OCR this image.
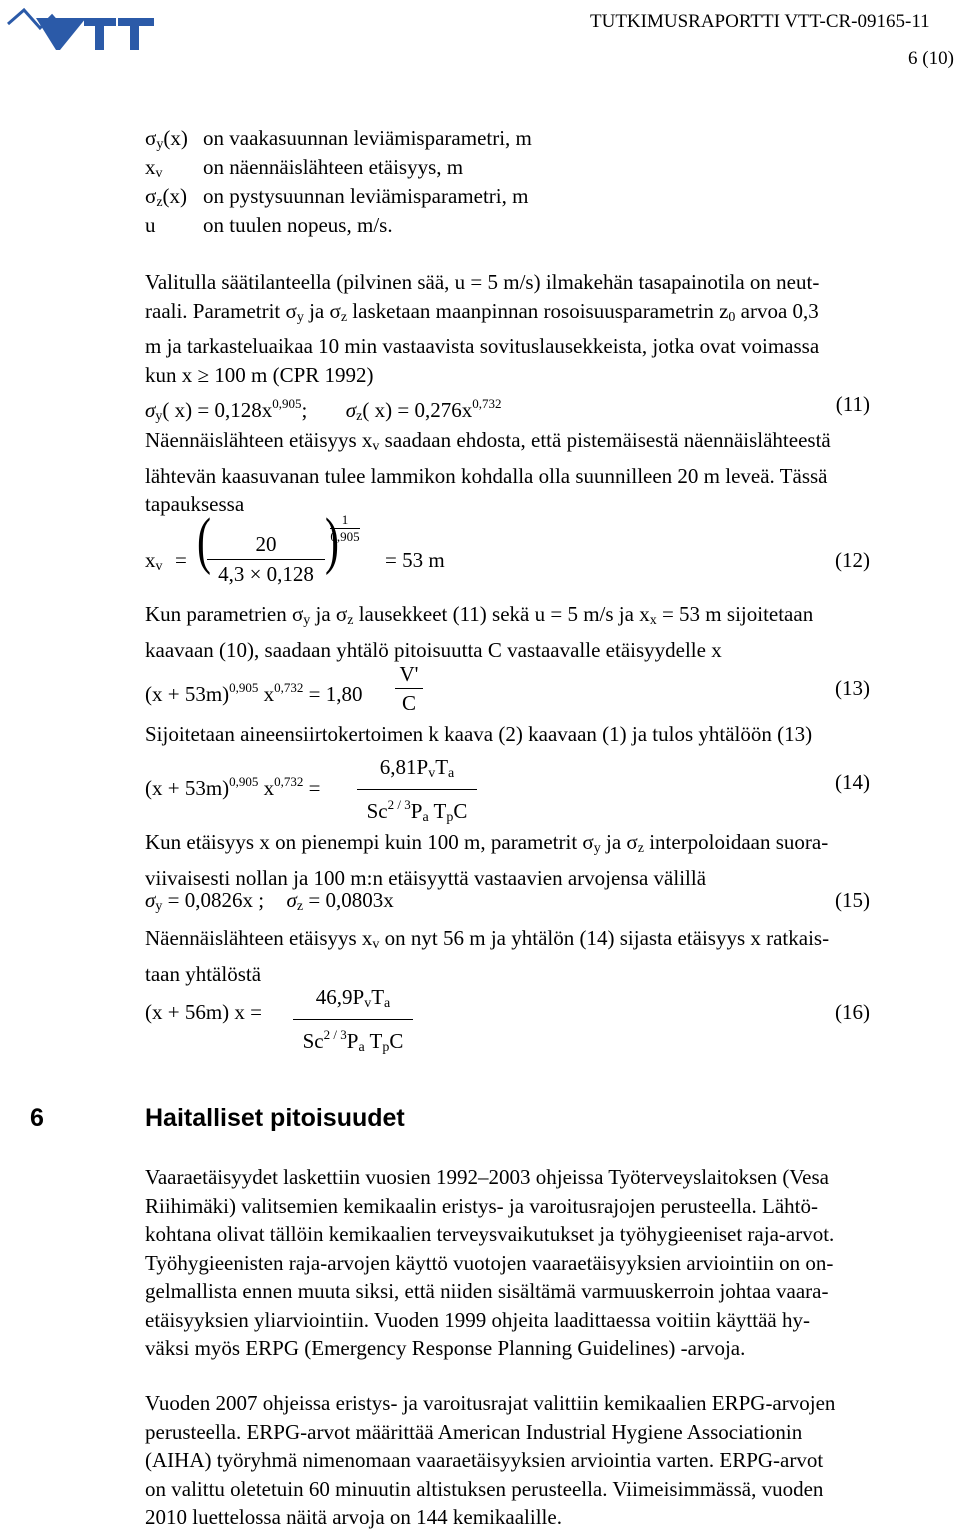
TUTKIMUSRAPORTTI VTT-CR-09165-11
6 (10)
$\sigma_y(x)$ on vaakasuunnan leviämisparametri, m
$x_v$ on näennäislähteen etäisyys, m
$\sigma_z(x)$ on pystysuunnan leviämisparametri, m
u on tuulen nopeus, m/s.
Valitulla säätilanteella (pilvinen sää, u = 5 m/s) ilmakehän tasapainotila on neut-
raali. Parametrit $\sigma_y$ ja $\sigma_z$ lasketaan maanpinnan rosoisuusparametrin $z_0$ arvoa 0,3
m ja tarkasteluaikaa 10 min vastaavista sovituslausekkeista, jotka ovat voimassa
kun x ≥ 100 m (CPR 1992)
$\sigma_y$( $x) = 0,128x^{0,905}$; $\sigma_z$( $x) = 0,276x^{0,732}$	(11)
Näennäislähteen etäisyys $x_v$ saadaan ehdosta, että pistemäisestä näennäislähteestä
lähtevän kaasuvanan tulee lammikon kohdalla olla suunnilleen 20 m leveä. Tässä
tapauksessa
$x_v$ = (	20
4,3 × 0,128 ) 1
0,905
= 53 m	(12)
Kun parametrien $\sigma_y$ ja $\sigma_z$ lausekkeet (11) sekä u = 5 m/s ja $x_x = 53$ m sijoitetaan
kaavaan (10), saadaan yhtälö pitoisuutta C vastaavalle etäisyydelle x
$(x + 53m)^{0,905}$ $x^{0,732} = 1,80$
V'
C
(13)
Sijoitetaan aineensiirtokertoimen k kaava (2) kaavaan (1) ja tulos yhtälöön (13)
$(x + 53m)^{0,905}$ $x^{0,732}$ =
$6,81P_vT_a$
$Sc^{2 / 3}P_a$ $T_pC$
(14)
Kun etäisyys x on pienempi kuin 100 m, parametrit $\sigma_y$ ja $\sigma_z$ interpoloidaan suora-
viivaisesti nollan ja 100 m:n etäisyyttä vastaavien arvojensa välillä
$\sigma_y = 0,0826x$ ; $\sigma_z = 0,0803x$	(15)
Näennäislähteen etäisyys $x_v$ on nyt 56 m ja yhtälön (14) sijasta etäisyys x ratkais-
taan yhtälöstä
(x + 56m) x =
$46,9P_vT_a$
$Sc^{2 / 3}P_a$ $T_pC$
(16)
6	Haitalliset pitoisuudet
Vaaraetäisyydet laskettiin vuosien 1992–2003 ohjeissa Työterveyslaitoksen (Vesa
Riihimäki) valitsemien kemikaalin eristys- ja varoitusrajojen perusteella. Lähtö-
kohtana olivat tällöin kemikaalien terveysvaikutukset ja työhygieeniset raja-arvot.
Työhygieenisten raja-arvojen käyttö vuotojen vaaraetäisyyksien arviointiin on on-
gelmallista ennen muuta siksi, että niiden sisältämä varmuuskerroin johtaa vaara-
etäisyyksien yliarviointiin. Vuoden 1999 ohjeita laadittaessa voitiin käyttää hy-
väksi myös ERPG (Emergency Response Planning Guidelines) -arvoja.
Vuoden 2007 ohjeissa eristys- ja varoitusrajat valittiin kemikaalien ERPG-arvojen
perusteella. ERPG-arvot määrittää American Industrial Hygiene Associationin
(AIHA) työryhmä nimenomaan vaaraetäisyyksien arviointia varten. ERPG-arvot
on valittu oletetuin 60 minuutin altistuksen perusteella. Viimeisimmässä, vuoden
2010 luettelossa näitä arvoja on 144 kemikaalille.
